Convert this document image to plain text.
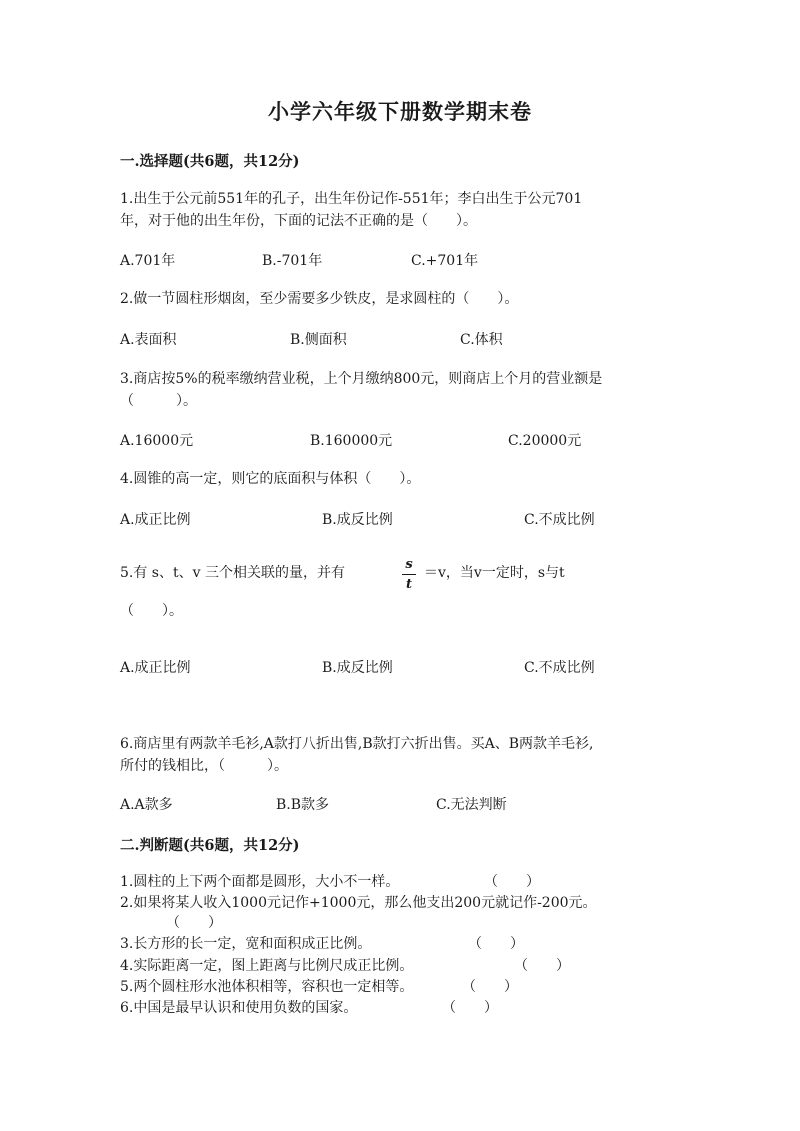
小学六年级下册数学期末卷
一.选择题(共6题，共12分)
1.出生于公元前551年的孔子，出生年份记作-551年；李白出生于公元701
年，对于他的出生年份，下面的记法不正确的是（　　）。
A.701年	B.-701年	C.+701年
2.做一节圆柱形烟囱，至少需要多少铁皮，是求圆柱的（　　）。
A.表面积	B.侧面积	C.体积
3.商店按5%的税率缴纳营业税，上个月缴纳800元，则商店上个月的营业额是
（　　　）。
A.16000元	B.160000元	C.20000元
4.圆锥的高一定，则它的底面积与体积（　　）。
A.成正比例	B.成反比例	C.不成比例
5.有 s、t、v 三个相关联的量，并有
s
t
＝v，当v一定时，s与t
（　　）。
A.成正比例	B.成反比例	C.不成比例
6.商店里有两款羊毛衫,A款打八折出售,B款打六折出售。买A、B两款羊毛衫,
所付的钱相比，（　　　）。
A.A款多	B.B款多	C.无法判断
二.判断题(共6题，共12分)
1.圆柱的上下两个面都是圆形，大小不一样。	（　　）
2.如果将某人收入1000元记作+1000元，那么他支出200元就记作-200元。
（　　）
3.长方形的长一定，宽和面积成正比例。	（　　）
4.实际距离一定，图上距离与比例尺成正比例。	（　　）
5.两个圆柱形水池体积相等，容积也一定相等。	（　　）
6.中国是最早认识和使用负数的国家。	（　　）
